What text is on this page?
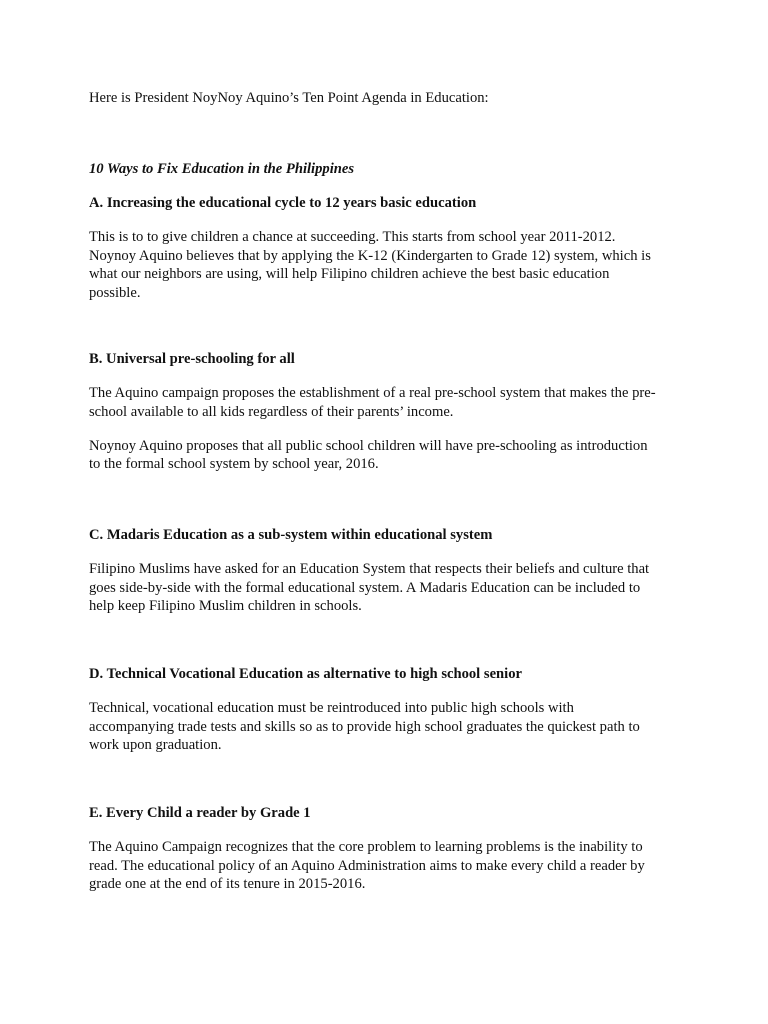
Here is President NoyNoy Aquino’s Ten Point Agenda in Education:
10 Ways to Fix Education in the Philippines
A. Increasing the educational cycle to 12 years basic education
This is to to give children a chance at succeeding. This starts from school year 2011-2012.
Noynoy Aquino believes that by applying the K-12 (Kindergarten to Grade 12) system, which is
what our neighbors are using, will help Filipino children achieve the best basic education
possible.
B. Universal pre-schooling for all
The Aquino campaign proposes the establishment of a real pre-school system that makes the pre-
school available to all kids regardless of their parents’ income.
Noynoy Aquino proposes that all public school children will have pre-schooling as introduction
to the formal school system by school year, 2016.
C. Madaris Education as a sub-system within educational system
Filipino Muslims have asked for an Education System that respects their beliefs and culture that
goes side-by-side with the formal educational system. A Madaris Education can be included to
help keep Filipino Muslim children in schools.
D. Technical Vocational Education as alternative to high school senior
Technical, vocational education must be reintroduced into public high schools with
accompanying trade tests and skills so as to provide high school graduates the quickest path to
work upon graduation.
E. Every Child a reader by Grade 1
The Aquino Campaign recognizes that the core problem to learning problems is the inability to
read. The educational policy of an Aquino Administration aims to make every child a reader by
grade one at the end of its tenure in 2015-2016.
